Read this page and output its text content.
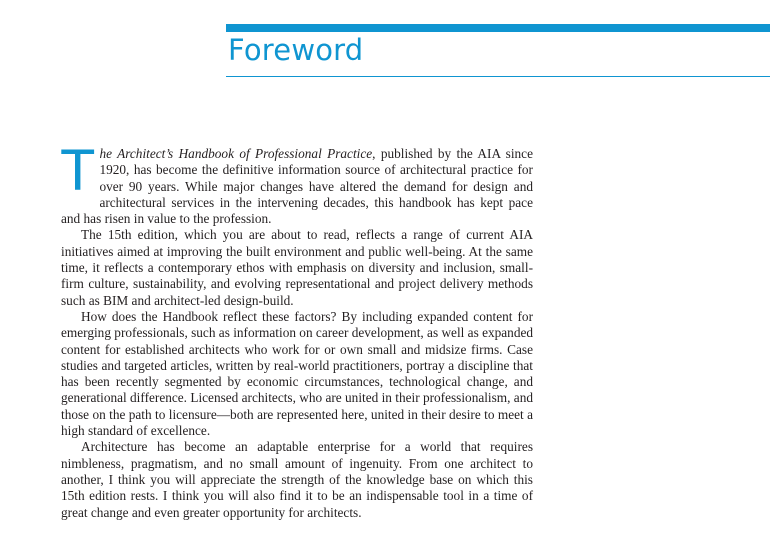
Foreword

The Architect’s Handbook of Professional Practice, published by the AIA since 1920, has become the definitive information source of architectural practice for over 90 years. While major changes have altered the demand for design and architectural services in the intervening decades, this handbook has kept pace and has risen in value to the profession.

The 15th edition, which you are about to read, reflects a range of current AIA initiatives aimed at improving the built environment and public well-being. At the same time, it reflects a contemporary ethos with emphasis on diversity and inclusion, small-firm culture, sustainability, and evolving representational and project delivery methods such as BIM and architect-led design-build.

How does the Handbook reflect these factors? By including expanded content for emerging professionals, such as information on career development, as well as expanded content for established architects who work for or own small and midsize firms. Case studies and targeted articles, written by real-world practitioners, portray a discipline that has been recently segmented by economic circumstances, technological change, and generational difference. Licensed architects, who are united in their professionalism, and those on the path to licensure—both are represented here, united in their desire to meet a high standard of excellence.

Architecture has become an adaptable enterprise for a world that requires nimbleness, pragmatism, and no small amount of ingenuity. From one architect to another, I think you will appreciate the strength of the knowledge base on which this 15th edition rests. I think you will also find it to be an indispensable tool in a time of great change and even greater opportunity for architects.
